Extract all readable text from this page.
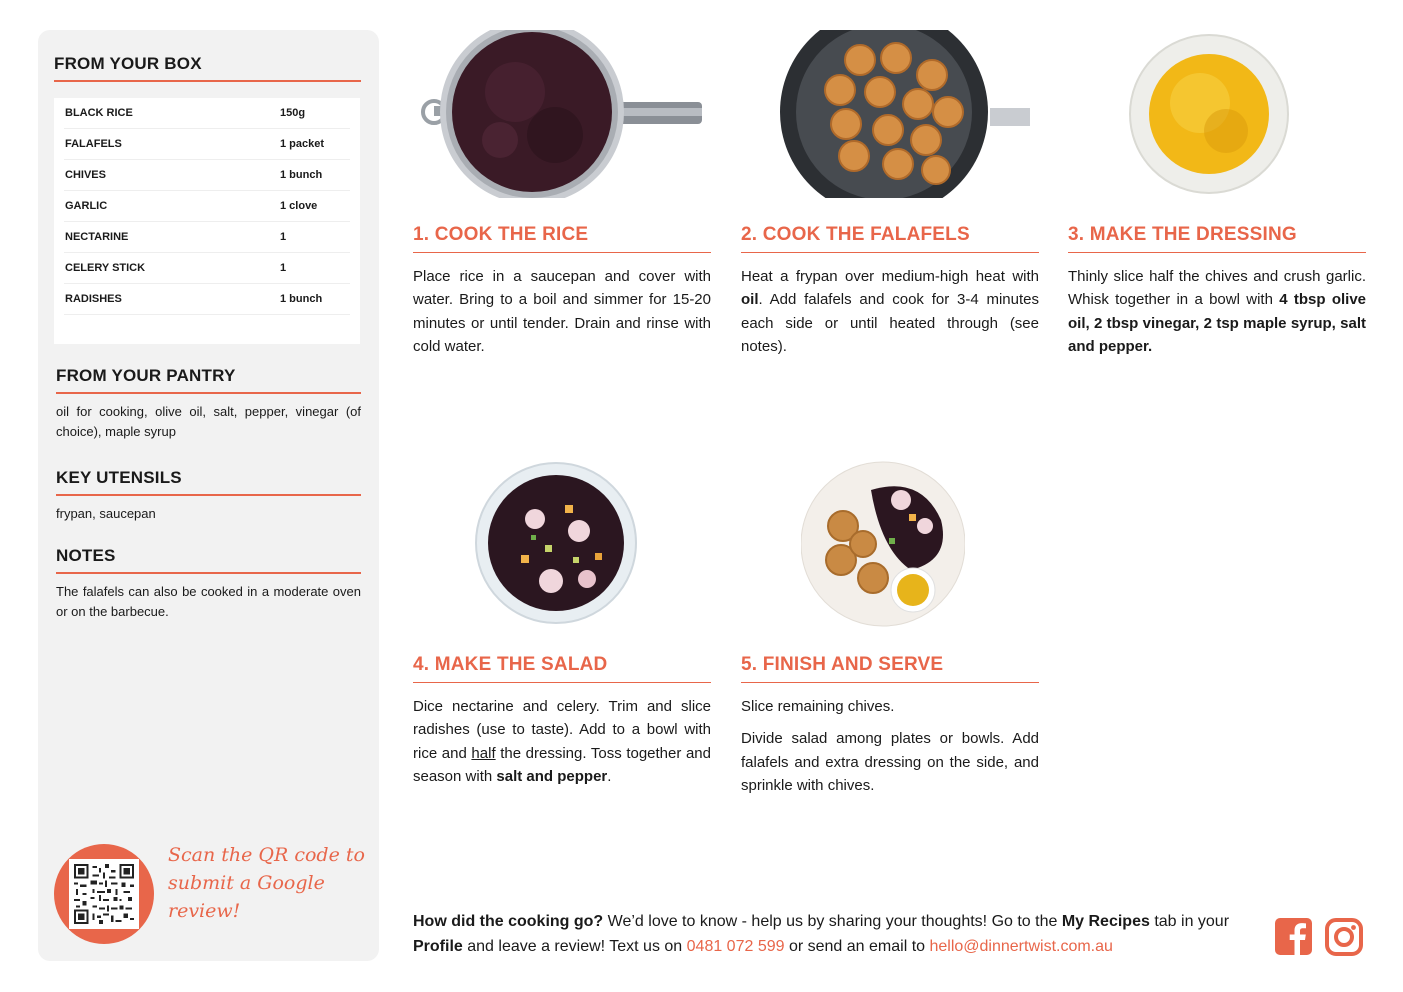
FROM YOUR BOX
BLACK RICE	150g
FALAFELS	1 packet
CHIVES	1 bunch
GARLIC	1 clove
NECTARINE	1
CELERY STICK	1
RADISHES	1 bunch
FROM YOUR PANTRY
oil for cooking, olive oil, salt, pepper, vinegar (of choice), maple syrup
KEY UTENSILS
frypan, saucepan
NOTES
The falafels can also be cooked in a moderate oven or on the barbecue.
Scan the QR code to
submit a Google review!
1. COOK THE RICE
Place rice in a saucepan and cover with water. Bring to a boil and simmer for 15-20 minutes or until tender. Drain and rinse with cold water.
2. COOK THE FALAFELS
Heat a frypan over medium-high heat with oil. Add falafels and cook for 3-4 minutes each side or until heated through (see notes).
3. MAKE THE DRESSING
Thinly slice half the chives and crush garlic. Whisk together in a bowl with 4 tbsp olive oil, 2 tbsp vinegar, 2 tsp maple syrup, salt and pepper.
4. MAKE THE SALAD
Dice nectarine and celery. Trim and slice radishes (use to taste). Add to a bowl with rice and half the dressing. Toss together and season with salt and pepper.
5. FINISH AND SERVE

Slice remaining chives.

Divide salad among plates or bowls. Add falafels and extra dressing on the side, and sprinkle with chives.

How did the cooking go? We’d love to know - help us by sharing your thoughts! Go to the My Recipes tab in your Profile and leave a review! Text us on 0481 072 599 or send an email to hello@dinnertwist.com.au
